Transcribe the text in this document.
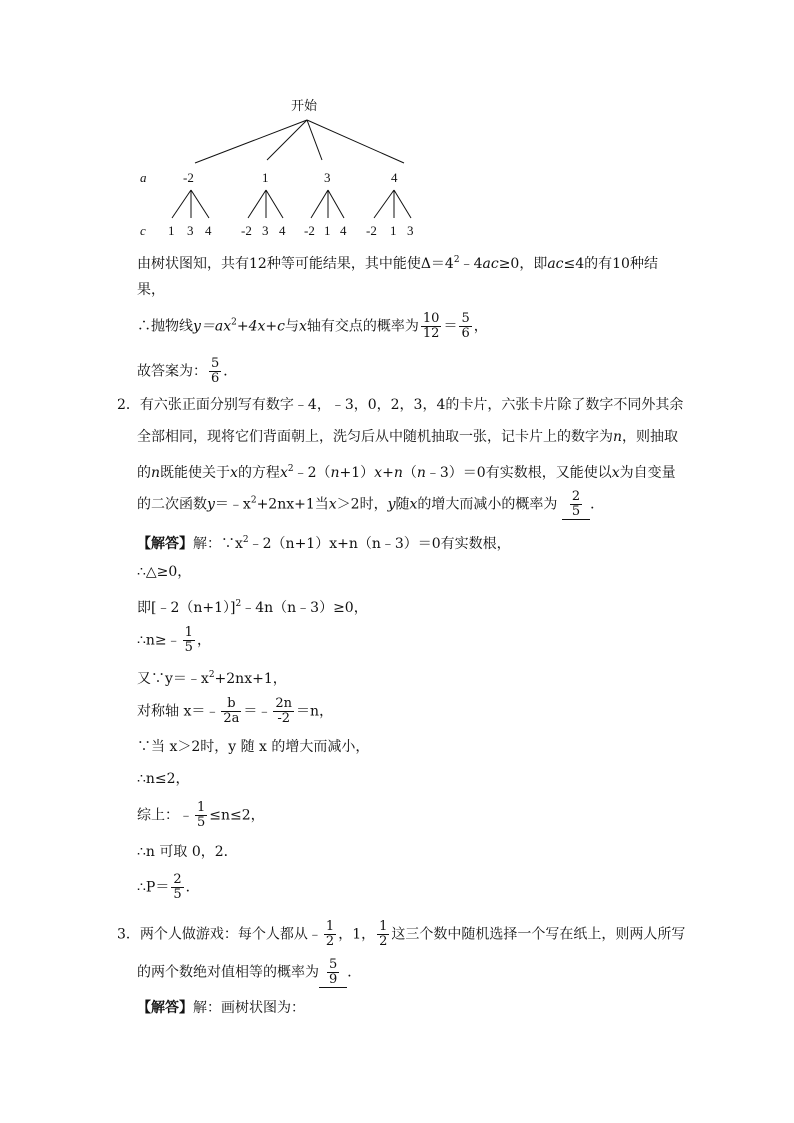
开始
a
c
-2	1	3	4
1 3 4 -2 3 4 -2 1 4 -2 1 3
由树状图知，共有12种等可能结果，其中能使$\Delta=4^2﹣4ac\ge 0$，即ac≤4的有10种结
果，
∴抛物线$y=ax^2+4x+c$与x轴有交点的概率为 $\frac{10}{12} = \frac{5}{6}$ ，
故答案为： $\frac{5}{6}$ ．
2．有六张正面分别写有数字﹣4，﹣3，0，2，3，4的卡片，六张卡片除了数字不同外其余
全部相同，现将它们背面朝上，洗匀后从中随机抽取一张，记卡片上的数字为n，则抽取
的n既能使关于x的方程$x^2﹣2(n+1)x+n(n﹣3)=0$有实数根，又能使以x为自变量
的二次函数$y=﹣x^2+2nx+1$当x＞2时，y随x的增大而减小的概率为 $\frac{2}{5}$ ．
【解答】解：$\because x^2﹣2(n+1)x+n(n﹣3)=0$有实数根，
∴△≥0，
即[﹣2（n+1）]$^2$﹣4n（n﹣3）≥0，
∴n≥﹣ $\frac{1}{5}$ ，
又$\because y=﹣x^2+2nx+1$，
对称轴 x＝﹣ $\frac{b}{2a}$ ＝﹣ $\frac{2n}{-2} =n$，
∵当 x＞2时，y 随 x 的增大而减小，
∴n≤2，
综上：﹣ $\frac{1}{5} \le n\le 2$，
∴n 可取 0，2．
∴P＝ $\frac{2}{5}$ ．
3．两个人做游戏：每个人都从﹣ $\frac{1}{2}$ ，1， $\frac{1}{2}$ 这三个数中随机选择一个写在纸上，则两人所写
的两个数绝对值相等的概率为 $\frac{5}{9}$ ．
【解答】解：画树状图为：
